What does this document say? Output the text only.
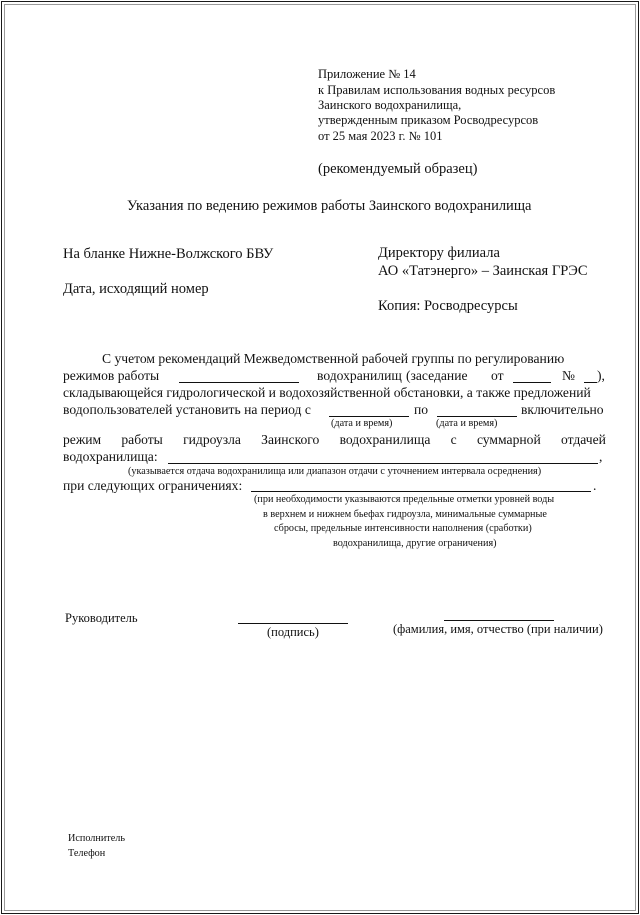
Приложение № 14
к Правилам использования водных ресурсов
Заинского водохранилища,
утвержденным приказом Росводресурсов
от 25 мая 2023 г. № 101
(рекомендуемый образец)
Указания по ведению режимов работы Заинского водохранилища
На бланке Нижне-Волжского БВУ	Директору филиала
АО «Татэнерго» – Заинская ГРЭС
Дата, исходящий номер
Копия: Росводресурсы
С учетом рекомендаций Межведомственной рабочей группы по регулированию
режимов работы	водохранилищ (заседание от	№ ),
складывающейся гидрологической и водохозяйственной обстановки, а также предложений
водопользователей установить на период с	по	включительно
(дата и время)	(дата и время)
режим работы гидроузла Заинского водохранилища с суммарной отдачей
водохранилища:	,
(указывается отдача водохранилища или диапазон отдачи с уточнением интервала осреднения)
при следующих ограничениях:	.
(при необходимости указываются предельные отметки уровней воды
в верхнем и нижнем бьефах гидроузла, минимальные суммарные
сбросы, предельные интенсивности наполнения (сработки)
водохранилища, другие ограничения)
Руководитель
(подпись)	(фамилия, имя, отчество (при наличии)
Исполнитель
Телефон
